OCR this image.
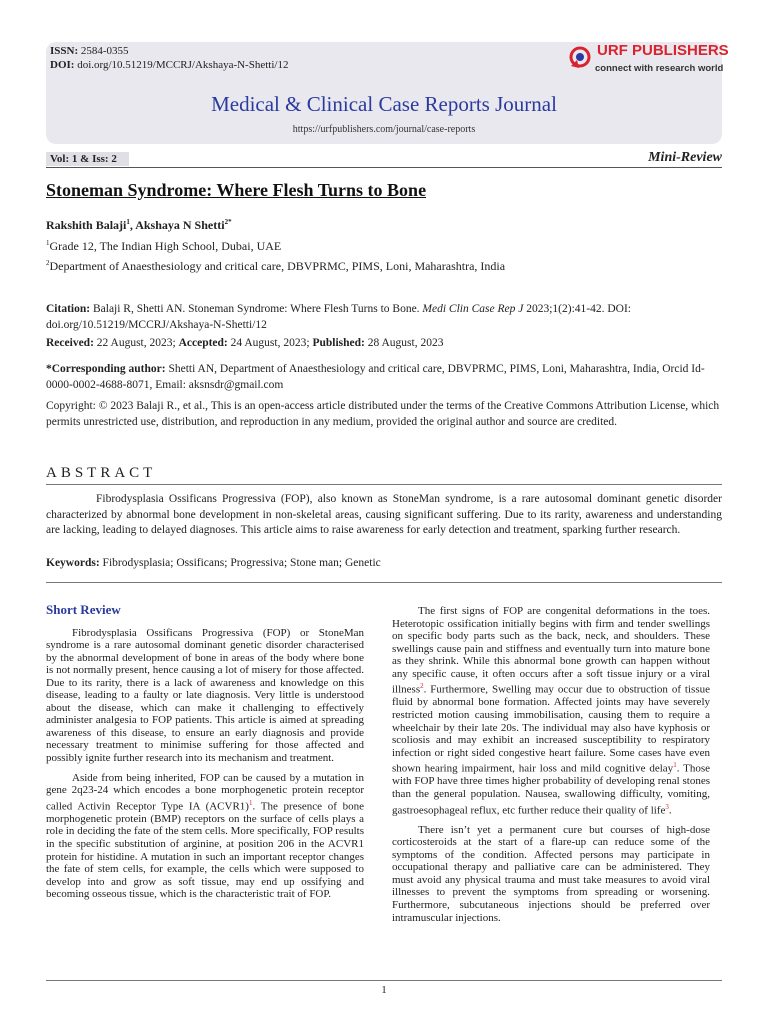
ISSN: 2584-0355
DOI: doi.org/10.51219/MCCRJ/Akshaya-N-Shetti/12
URF PUBLISHERS
connect with research world
Medical & Clinical Case Reports Journal
https://urfpublishers.com/journal/case-reports
Vol: 1 & Iss: 2	Mini-Review
Stoneman Syndrome: Where Flesh Turns to Bone
Rakshith Balaji$^1$, Akshaya N Shetti$^{2*}$
$^1$Grade 12, The Indian High School, Dubai, UAE
$^2$Department of Anaesthesiology and critical care, DBVPRMC, PIMS, Loni, Maharashtra, India
Citation: Balaji R, Shetti AN. Stoneman Syndrome: Where Flesh Turns to Bone. Medi Clin Case Rep J 2023;1(2):41-42. DOI: doi.org/10.51219/MCCRJ/Akshaya-N-Shetti/12
Received: 22 August, 2023; Accepted: 24 August, 2023; Published: 28 August, 2023
*Corresponding author: Shetti AN, Department of Anaesthesiology and critical care, DBVPRMC, PIMS, Loni, Maharashtra, India, Orcid Id- 0000-0002-4688-8071, Email: aksnsdr@gmail.com
Copyright: © 2023 Balaji R., et al., This is an open-access article distributed under the terms of the Creative Commons Attribution License, which permits unrestricted use, distribution, and reproduction in any medium, provided the original author and source are credited.
ABSTRACT
Fibrodysplasia Ossificans Progressiva (FOP), also known as StoneMan syndrome, is a rare autosomal dominant genetic disorder characterized by abnormal bone development in non-skeletal areas, causing significant suffering. Due to its rarity, awareness and understanding are lacking, leading to delayed diagnoses. This article aims to raise awareness for early detection and treatment, sparking further research.
Keywords: Fibrodysplasia; Ossificans; Progressiva; Stone man; Genetic
Short Review

Fibrodysplasia Ossificans Progressiva (FOP) or StoneMan syndrome is a rare autosomal dominant genetic disorder characterised by the abnormal development of bone in areas of the body where bone is not normally present, hence causing a lot of misery for those affected. Due to its rarity, there is a lack of awareness and knowledge on this disease, leading to a faulty or late diagnosis. Very little is understood about the disease, which can make it challenging to effectively administer analgesia to FOP patients. This article is aimed at spreading awareness of this disease, to ensure an early diagnosis and provide necessary treatment to minimise suffering for those affected and possibly ignite further research into its mechanism and treatment.

Aside from being inherited, FOP can be caused by a mutation in gene 2q23-24 which encodes a bone morphogenetic protein receptor called Activin Receptor Type IA (ACVR1)$^1$. The presence of bone morphogenetic protein (BMP) receptors on the surface of cells plays a role in deciding the fate of the stem cells. More specifically, FOP results in the specific substitution of arginine, at position 206 in the ACVR1 protein for histidine. A mutation in such an important receptor changes the fate of stem cells, for example, the cells which were supposed to develop into and grow as soft tissue, may end up ossifying and becoming osseous tissue, which is the characteristic trait of FOP.

The first signs of FOP are congenital deformations in the toes. Heterotopic ossification initially begins with firm and tender swellings on specific body parts such as the back, neck, and shoulders. These swellings cause pain and stiffness and eventually turn into mature bone as they shrink. While this abnormal bone growth can happen without any specific cause, it often occurs after a soft tissue injury or a viral illness$^2$. Furthermore, Swelling may occur due to obstruction of tissue fluid by abnormal bone formation. Affected joints may have severely restricted motion causing immobilisation, causing them to require a wheelchair by their late 20s. The individual may also have kyphosis or scoliosis and may exhibit an increased susceptibility to respiratory infection or right sided congestive heart failure. Some cases have even shown hearing impairment, hair loss and mild cognitive delay$^1$. Those with FOP have three times higher probability of developing renal stones than the general population. Nausea, swallowing difficulty, vomiting, gastroesophageal reflux, etc further reduce their quality of life$^3$.

There isn’t yet a permanent cure but courses of high-dose corticosteroids at the start of a flare-up can reduce some of the symptoms of the condition. Affected persons may participate in occupational therapy and palliative care can be administered. They must avoid any physical trauma and must take measures to avoid viral illnesses to prevent the symptoms from spreading or worsening. Furthermore, subcutaneous injections should be preferred over intramuscular injections.

1
